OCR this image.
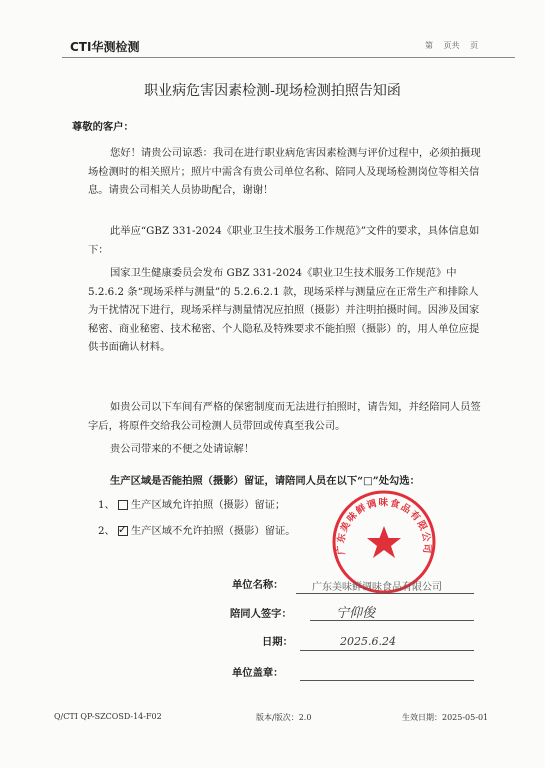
CTI华测检测	第 页共 页
职业病危害因素检测-现场检测拍照告知函
尊敬的客户：
您好！请贵公司谅悉：我司在进行职业病危害因素检测与评价过程中，必须拍摄现场检测时的相关照片；照片中需含有贵公司单位名称、陪同人及现场检测岗位等相关信息。请贵公司相关人员协助配合，谢谢！
此举应“GBZ 331-2024《职业卫生技术服务工作规范》”文件的要求，具体信息如下：
国家卫生健康委员会发布 GBZ 331-2024《职业卫生技术服务工作规范》中5.2.6.2 条“现场采样与测量”的 5.2.6.2.1 款，现场采样与测量应在正常生产和排除人为干扰情况下进行，现场采样与测量情况应拍照（摄影）并注明拍摄时间。因涉及国家秘密、商业秘密、技术秘密、个人隐私及特殊要求不能拍照（摄影）的，用人单位应提供书面确认材料。
如贵公司以下车间有严格的保密制度而无法进行拍照时，请告知，并经陪同人员签字后，将原件交给我公司检测人员带回或传真至我公司。
贵公司带来的不便之处请谅解！
生产区域是否能拍照（摄影）留证，请陪同人员在以下“□”处勾选：
1、 生产区域允许拍照（摄影）留证；
2、 ✓ 生产区域不允许拍照（摄影）留证。
广东美味鲜调味食品有限公司
单位名称：	广东美味鲜调味食品有限公司
陪同人签字：	宁仰俊
日期：	2025.6.24
单位盖章：
Q/CTI QP-SZCOSD-14-F02	版本/版次：2.0	生效日期：2025-05-01
